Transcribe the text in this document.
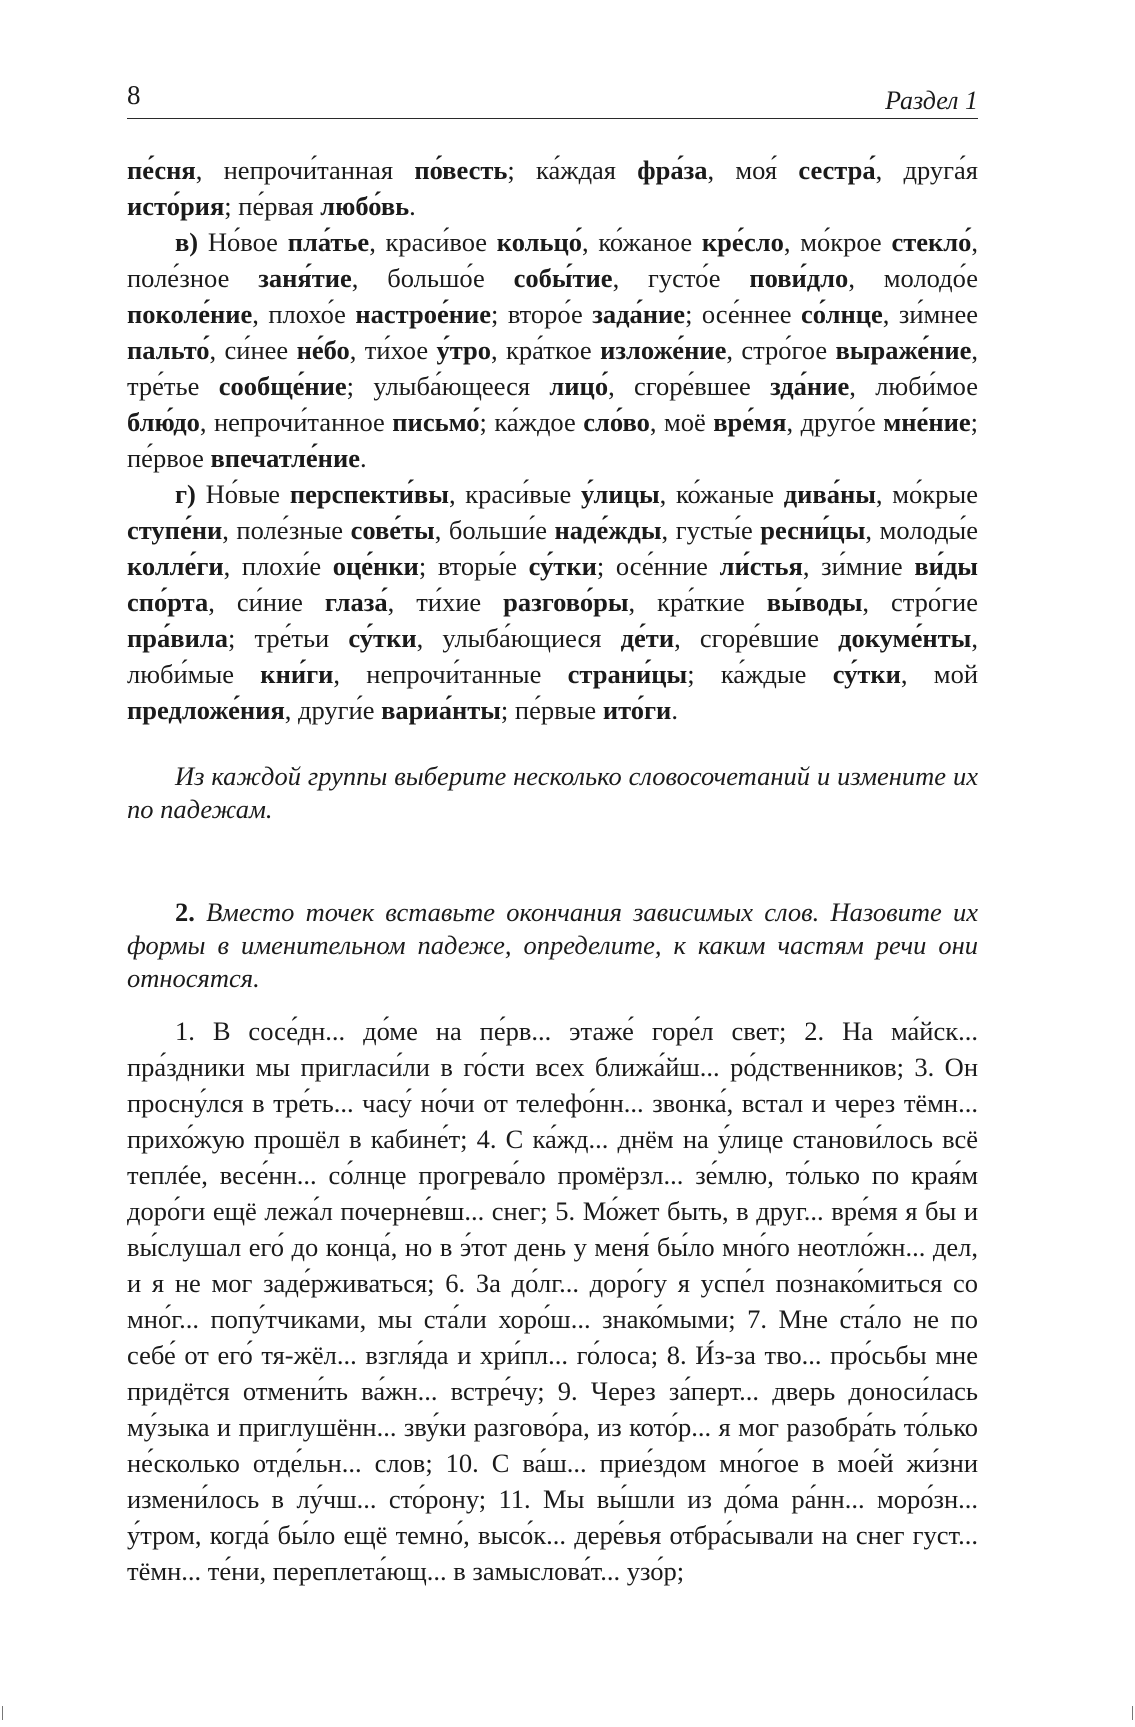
8	Раздел 1

пе́сня, непрочи́танная по́весть; ка́ждая фра́за, моя́ сестра́, друга́я исто́рия; пе́рвая любо́вь.

в) Но́вое пла́тье, краси́вое кольцо́, ко́жаное кре́сло, мо́крое стекло́, поле́зное заня́тие, большо́е собы́тие, густо́е пови́дло, молодо́е поколе́ние, плохо́е настрое́ние; второ́е зада́ние; осе́ннее со́лнце, зи́мнее пальто́, си́нее не́бо, ти́хое у́тро, кра́ткое изложе́ние, стро́гое выраже́ние, тре́тье сообще́ние; улыба́ющееся лицо́, сгоре́вшее зда́ние, люби́мое блю́до, непрочи́танное письмо́; ка́ждое сло́во, моё вре́мя, друго́е мне́ние; пе́рвое впечатле́ние.

г) Но́вые перспекти́вы, краси́вые у́лицы, ко́жаные дива́ны, мо́крые ступе́ни, поле́зные сове́ты, больши́е наде́жды, густы́е ресни́цы, молоды́е колле́ги, плохи́е оце́нки; вторы́е су́тки; осе́нние ли́стья, зи́мние ви́ды спо́рта, си́ние глаза́, ти́хие разгово́ры, кра́ткие вы́воды, стро́гие пра́вила; тре́тьи су́тки, улыба́ющиеся де́ти, сгоре́вшие докуме́нты, люби́мые кни́ги, непрочи́танные страни́цы; ка́ждые су́тки, мой предложе́ния, други́е вариа́нты; пе́рвые ито́ги.

Из каждой группы выберите несколько словосочетаний и измените их по падежам.

2. Вместо точек вставьте окончания зависимых слов. Назовите их формы в именительном падеже, определите, к каким частям речи они относятся.

1. В сосе́дн... до́ме на пе́рв... этаже́ горе́л свет; 2. На ма́йск... пра́здники мы пригласи́ли в го́сти всех ближа́йш... ро́дственников; 3. Он просну́лся в тре́ть... часу́ но́чи от телефо́нн... звонка́, встал и через тёмн... прихо́жую прошёл в кабине́т; 4. С ка́жд... днём на у́лице станови́лось всё теплée, весе́нн... со́лнце прогрева́ло промёрзл... зе́млю, то́лько по края́м доро́ги ещё лежа́л почерне́вш... снег; 5. Мо́жет быть, в друг... вре́мя я бы и вы́слушал его́ до конца́, но в э́тот день у меня́ бы́ло мно́го неотло́жн... дел, и я не мог заде́рживаться; 6. За до́лг... доро́гу я успе́л познако́миться со мно́г... попу́тчиками, мы ста́ли хоро́ш... знако́мыми; 7. Мне ста́ло не по себе́ от его́ тя-жёл... взгля́да и хри́пл... го́лоса; 8. И́з-за тво... про́сьбы мне придётся отмени́ть ва́жн... встре́чу; 9. Через за́перт... дверь доноси́лась му́зыка и приглушённ... зву́ки разгово́ра, из кото́р... я мог разобра́ть то́лько не́сколько отде́льн... слов; 10. С ва́ш... прие́здом мно́гое в мое́й жи́зни измени́лось в лу́чш... сто́рону; 11. Мы вы́шли из до́ма ра́нн... моро́зн... у́тром, когда́ бы́ло ещё темно́, высо́к... дере́вья отбра́сывали на снег густ... тёмн... те́ни, переплета́ющ... в замыслова́т... узо́р;
